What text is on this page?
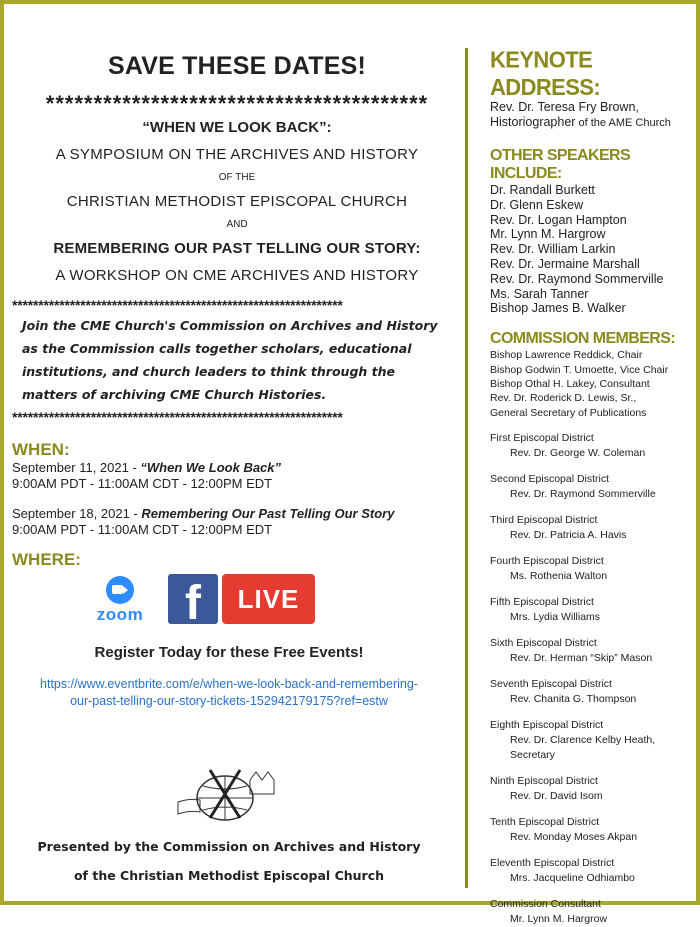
SAVE THESE DATES!
****************************************
“WHEN WE LOOK BACK”:
A SYMPOSIUM ON THE ARCHIVES AND HISTORY
OF THE
CHRISTIAN METHODIST EPISCOPAL CHURCH
AND
REMEMBERING OUR PAST TELLING OUR STORY:
A WORKSHOP ON CME ARCHIVES AND HISTORY
***************************************************************
Join the CME Church's Commission on Archives and History as the Commission calls together scholars, educational institutions, and church leaders to think through the matters of archiving CME Church Histories.
***************************************************************
WHEN:
September 11, 2021 - “When We Look Back”
9:00AM PDT - 11:00AM CDT - 12:00PM EDT
September 18, 2021 - Remembering Our Past Telling Our Story
9:00AM PDT - 11:00AM CDT - 12:00PM EDT
WHERE:
zoom f	LIVE
Register Today for these Free Events!
https://www.eventbrite.com/e/when-we-look-back-and-remembering-
our-past-telling-our-story-tickets-152942179175?ref=estw
Presented by the Commission on Archives and History
of the Christian Methodist Episcopal Church
KEYNOTE ADDRESS:
Rev. Dr. Teresa Fry Brown,
Historiographer of the AME Church
OTHER SPEAKERS INCLUDE:
Dr. Randall Burkett
Dr. Glenn Eskew
Rev. Dr. Logan Hampton
Mr. Lynn M. Hargrow
Rev. Dr. William Larkin
Rev. Dr. Jermaine Marshall
Rev. Dr. Raymond Sommerville
Ms. Sarah Tanner
Bishop James B. Walker
COMMISSION MEMBERS:
Bishop Lawrence Reddick, Chair
Bishop Godwin T. Umoette, Vice Chair
Bishop Othal H. Lakey, Consultant
Rev. Dr. Roderick D. Lewis, Sr.,
General Secretary of Publications
First Episcopal District
Rev. Dr. George W. Coleman
Second Episcopal District
Rev. Dr. Raymond Sommerville
Third Episcopal District
Rev. Dr. Patricia A. Havis
Fourth Episcopal District
Ms. Rothenia Walton
Fifth Episcopal District
Mrs. Lydia Williams
Sixth Episcopal District
Rev. Dr. Herman “Skip” Mason
Seventh Episcopal District
Rev. Chanita G. Thompson
Eighth Episcopal District
Rev. Dr. Clarence Kelby Heath,
Secretary
Ninth Episcopal District
Rev. Dr. David Isom
Tenth Episcopal District
Rev. Monday Moses Akpan
Eleventh Episcopal District
Mrs. Jacqueline Odhiambo
Commission Consultant
Mr. Lynn M. Hargrow
